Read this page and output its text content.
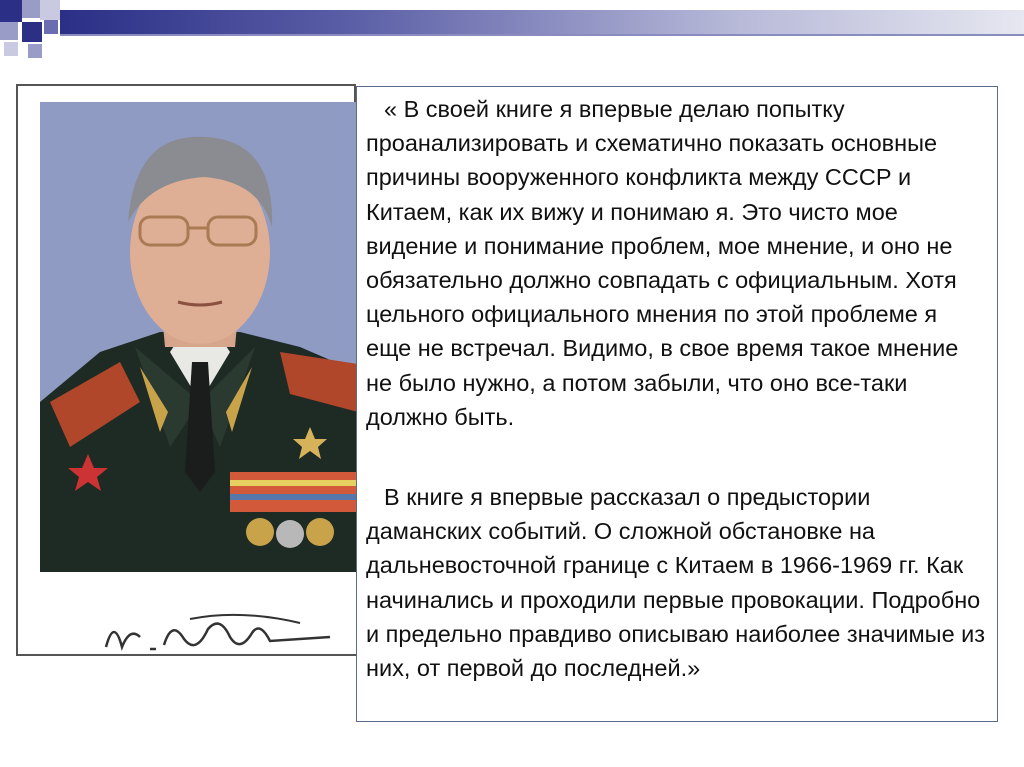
« В своей книге я впервые делаю попытку проанализировать и схематично показать основные причины вооруженного конфликта между СССР и Китаем, как их вижу и понимаю я. Это чисто мое видение и понимание проблем, мое мнение, и оно не обязательно должно совпадать с официальным. Хотя цельного официального мнения по этой проблеме я еще не встречал. Видимо, в свое время такое мнение не было нужно, а потом забыли, что оно все-таки должно быть.

В книге я впервые рассказал о предыстории даманских событий. О сложной обстановке на дальневосточной границе с Китаем в 1966-1969 гг. Как начинались и проходили первые провокации. Подробно и предельно правдиво описываю наиболее значимые из них, от первой до последней.»
